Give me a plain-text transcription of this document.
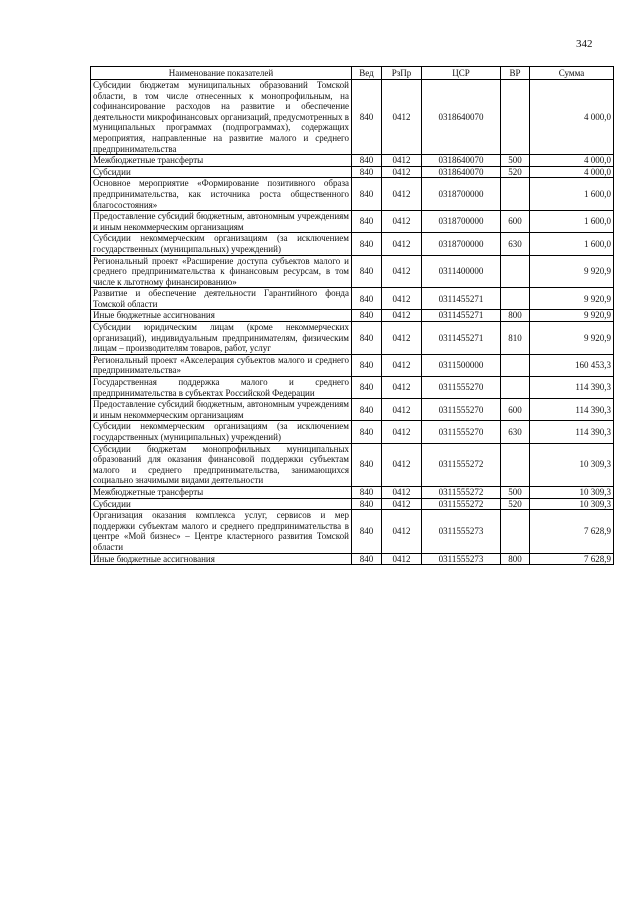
342
Наименование показателей	Вед	РзПр	ЦСР	ВР	Сумма
Субсидии бюджетам муниципальных образований Томской области, в том числе отнесенных к монопрофильным, на софинансирование расходов на развитие и обеспечение деятельности микрофинансовых организаций, предусмотренных в муниципальных программах (подпрограммах), содержащих мероприятия, направленные на развитие малого и среднего предпринимательства	840	0412	0318640070		4 000,0
Межбюджетные трансферты	840	0412	0318640070	500	4 000,0
Субсидии	840	0412	0318640070	520	4 000,0
Основное мероприятие «Формирование позитивного образа предпринимательства, как источника роста общественного благосостояния»	840	0412	0318700000		1 600,0
Предоставление субсидий бюджетным, автономным учреждениям и иным некоммерческим организациям	840	0412	0318700000	600	1 600,0
Субсидии некоммерческим организациям (за исключением государственных (муниципальных) учреждений)	840	0412	0318700000	630	1 600,0
Региональный проект «Расширение доступа субъектов малого и среднего предпринимательства к финансовым ресурсам, в том числе к льготному финансированию»	840	0412	0311400000		9 920,9
Развитие и обеспечение деятельности Гарантийного фонда Томской области	840	0412	0311455271		9 920,9
Иные бюджетные ассигнования	840	0412	0311455271	800	9 920,9
Субсидии юридическим лицам (кроме некоммерческих организаций), индивидуальным предпринимателям, физическим лицам – производителям товаров, работ, услуг	840	0412	0311455271	810	9 920,9
Региональный проект «Акселерация субъектов малого и среднего предпринимательства»	840	0412	0311500000		160 453,3
Государственная поддержка малого и среднего предпринимательства в субъектах Российской Федерации	840	0412	0311555270		114 390,3
Предоставление субсидий бюджетным, автономным учреждениям и иным некоммерческим организациям	840	0412	0311555270	600	114 390,3
Субсидии некоммерческим организациям (за исключением государственных (муниципальных) учреждений)	840	0412	0311555270	630	114 390,3
Субсидии бюджетам монопрофильных муниципальных образований для оказания финансовой поддержки субъектам малого и среднего предпринимательства, занимающихся социально значимыми видами деятельности	840	0412	0311555272		10 309,3
Межбюджетные трансферты	840	0412	0311555272	500	10 309,3
Субсидии	840	0412	0311555272	520	10 309,3
Организация оказания комплекса услуг, сервисов и мер поддержки субъектам малого и среднего предпринимательства в центре «Мой бизнес» – Центре кластерного развития Томской области	840	0412	0311555273		7 628,9
Иные бюджетные ассигнования	840	0412	0311555273	800	7 628,9
